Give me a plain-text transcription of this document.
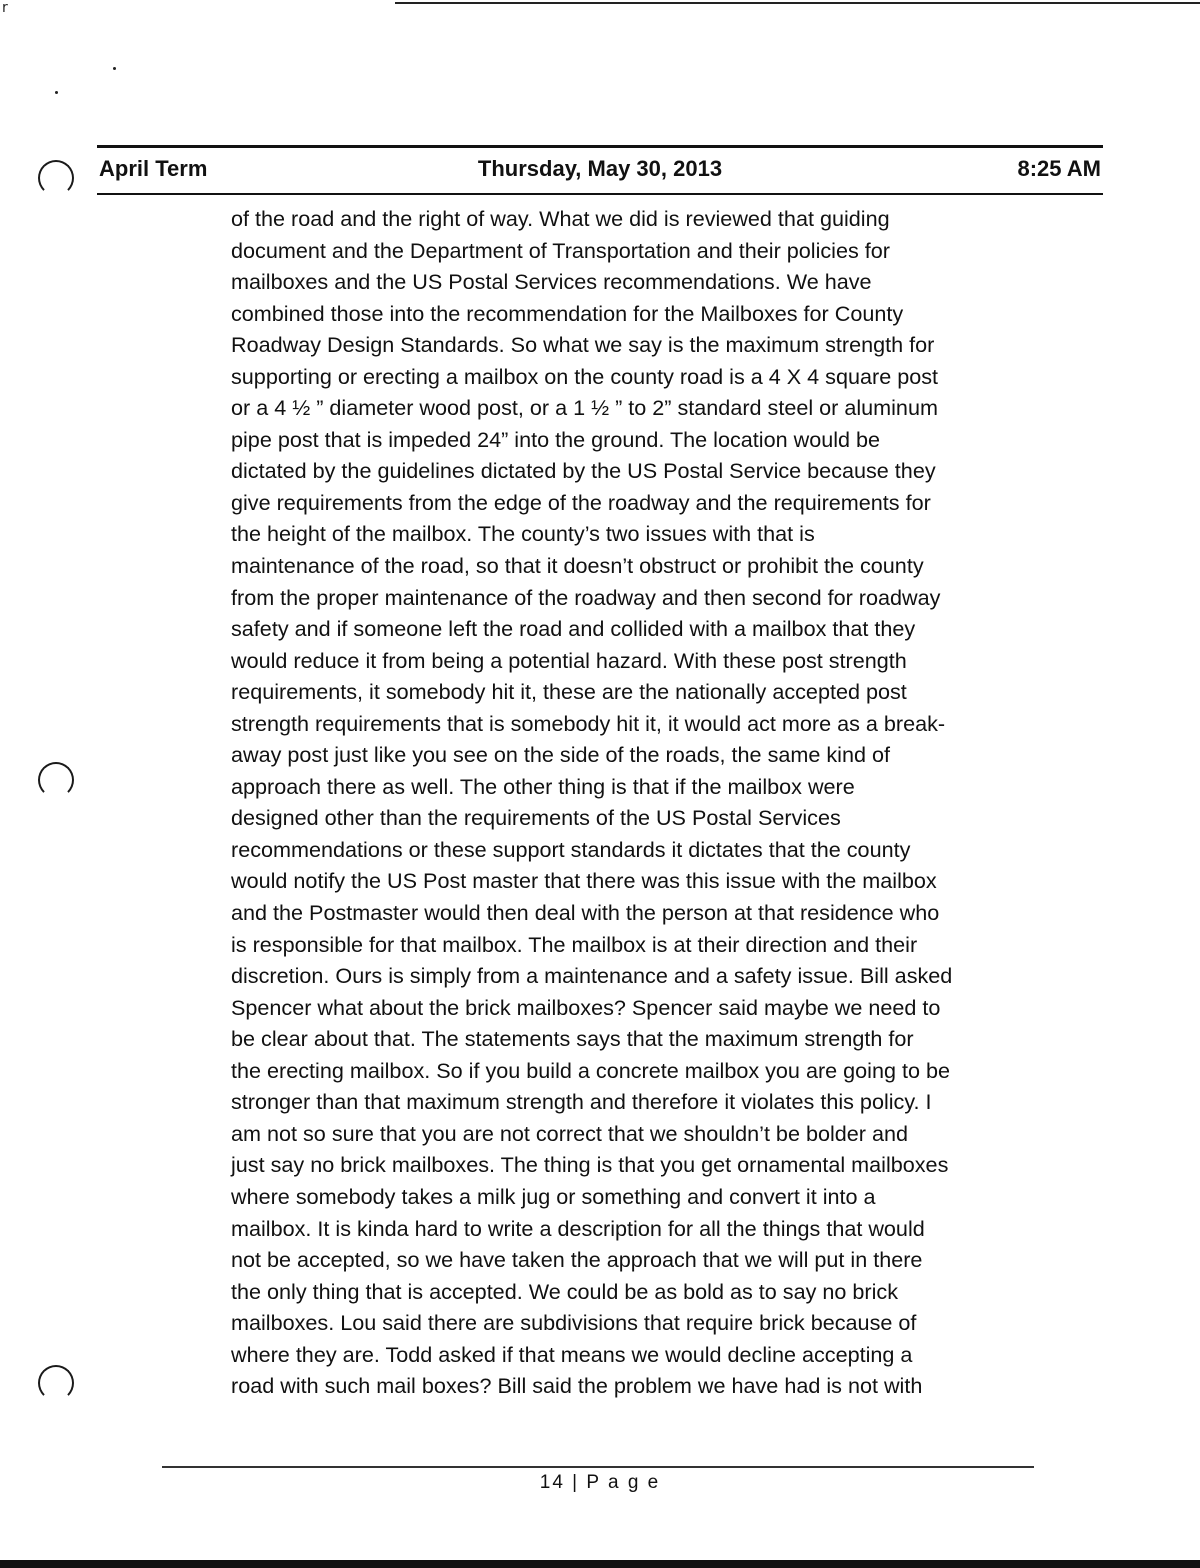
r
April Term	Thursday, May 30, 2013	8:25 AM

of the road and the right of way. What we did is reviewed that guiding
document and the Department of Transportation and their policies for
mailboxes and the US Postal Services recommendations. We have
combined those into the recommendation for the Mailboxes for County
Roadway Design Standards. So what we say is the maximum strength for
supporting or erecting a mailbox on the county road is a 4 X 4 square post
or a 4 ½ ” diameter wood post, or a 1 ½ ” to 2” standard steel or aluminum
pipe post that is impeded 24” into the ground. The location would be
dictated by the guidelines dictated by the US Postal Service because they
give requirements from the edge of the roadway and the requirements for
the height of the mailbox. The county’s two issues with that is
maintenance of the road, so that it doesn’t obstruct or prohibit the county
from the proper maintenance of the roadway and then second for roadway
safety and if someone left the road and collided with a mailbox that they
would reduce it from being a potential hazard. With these post strength
requirements, it somebody hit it, these are the nationally accepted post
strength requirements that is somebody hit it, it would act more as a break-
away post just like you see on the side of the roads, the same kind of
approach there as well. The other thing is that if the mailbox were
designed other than the requirements of the US Postal Services
recommendations or these support standards it dictates that the county
would notify the US Post master that there was this issue with the mailbox
and the Postmaster would then deal with the person at that residence who
is responsible for that mailbox. The mailbox is at their direction and their
discretion. Ours is simply from a maintenance and a safety issue. Bill asked
Spencer what about the brick mailboxes? Spencer said maybe we need to
be clear about that. The statements says that the maximum strength for
the erecting mailbox. So if you build a concrete mailbox you are going to be
stronger than that maximum strength and therefore it violates this policy. I
am not so sure that you are not correct that we shouldn’t be bolder and
just say no brick mailboxes. The thing is that you get ornamental mailboxes
where somebody takes a milk jug or something and convert it into a
mailbox. It is kinda hard to write a description for all the things that would
not be accepted, so we have taken the approach that we will put in there
the only thing that is accepted. We could be as bold as to say no brick
mailboxes. Lou said there are subdivisions that require brick because of
where they are. Todd asked if that means we would decline accepting a
road with such mail boxes? Bill said the problem we have had is not with

14 | P a g e
